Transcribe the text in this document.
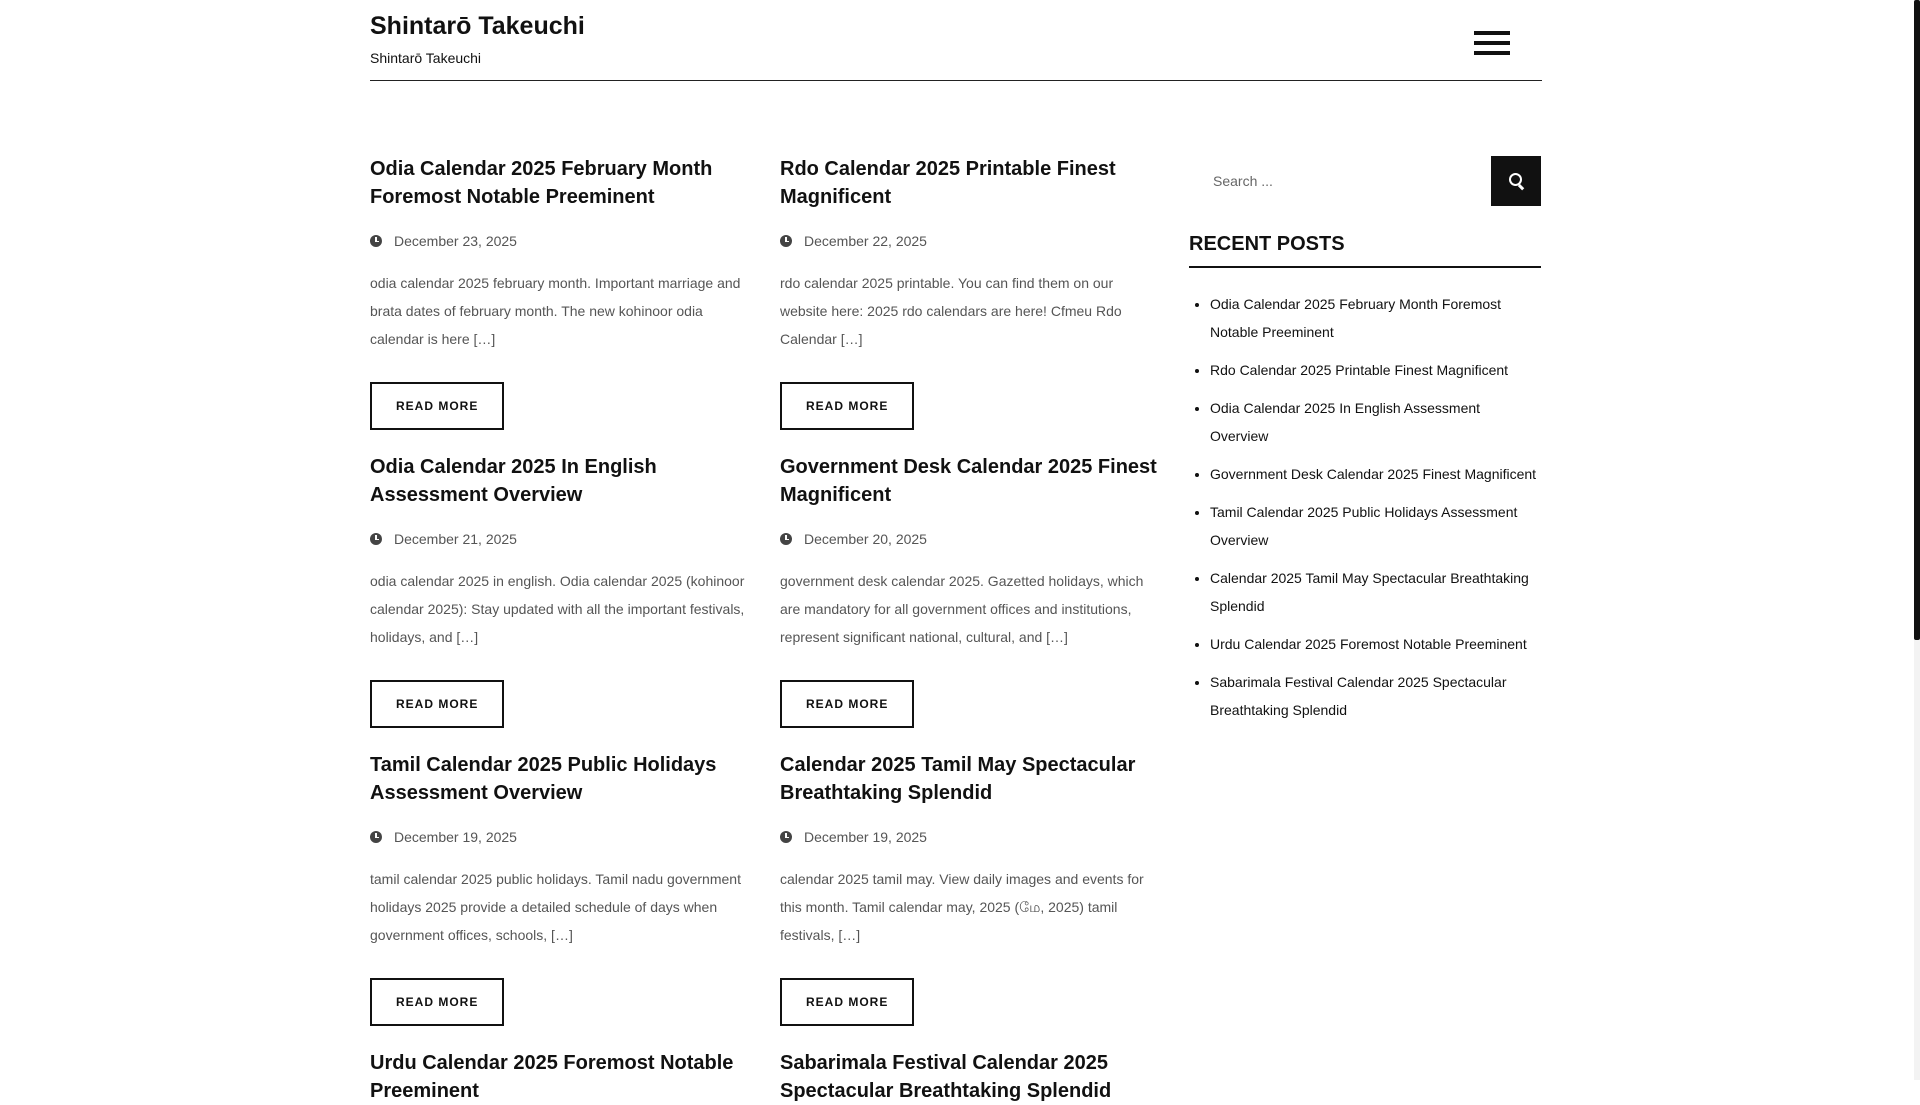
Shintarō Takeuchi
Shintarō Takeuchi
Odia Calendar 2025 February Month Foremost Notable Preeminent
December 23, 2025
odia calendar 2025 february month. Important marriage and brata dates of february month. The new kohinoor odia calendar is here […]
READ MORE
Rdo Calendar 2025 Printable Finest Magnificent
December 22, 2025
rdo calendar 2025 printable. You can find them on our website here: 2025 rdo calendars are here! Cfmeu Rdo Calendar […]
READ MORE
Odia Calendar 2025 In English Assessment Overview
December 21, 2025
odia calendar 2025 in english. Odia calendar 2025 (kohinoor calendar 2025): Stay updated with all the important festivals, holidays, and […]
READ MORE
Government Desk Calendar 2025 Finest Magnificent
December 20, 2025
government desk calendar 2025. Gazetted holidays, which are mandatory for all government offices and institutions, represent significant national, cultural, and […]
READ MORE
Tamil Calendar 2025 Public Holidays Assessment Overview
December 19, 2025
tamil calendar 2025 public holidays. Tamil nadu government holidays 2025 provide a detailed schedule of days when government offices, schools, […]
READ MORE
Calendar 2025 Tamil May Spectacular Breathtaking Splendid
December 19, 2025
calendar 2025 tamil may. View daily images and events for this month. Tamil calendar may, 2025 (மே, 2025) tamil festivals, […]
READ MORE
Urdu Calendar 2025 Foremost Notable Preeminent
Sabarimala Festival Calendar 2025 Spectacular Breathtaking Splendid
Search ...
RECENT POSTS
• Odia Calendar 2025 February Month Foremost Notable Preeminent
• Rdo Calendar 2025 Printable Finest Magnificent
• Odia Calendar 2025 In English Assessment Overview
• Government Desk Calendar 2025 Finest Magnificent
• Tamil Calendar 2025 Public Holidays Assessment Overview
• Calendar 2025 Tamil May Spectacular Breathtaking Splendid
• Urdu Calendar 2025 Foremost Notable Preeminent
• Sabarimala Festival Calendar 2025 Spectacular Breathtaking Splendid
